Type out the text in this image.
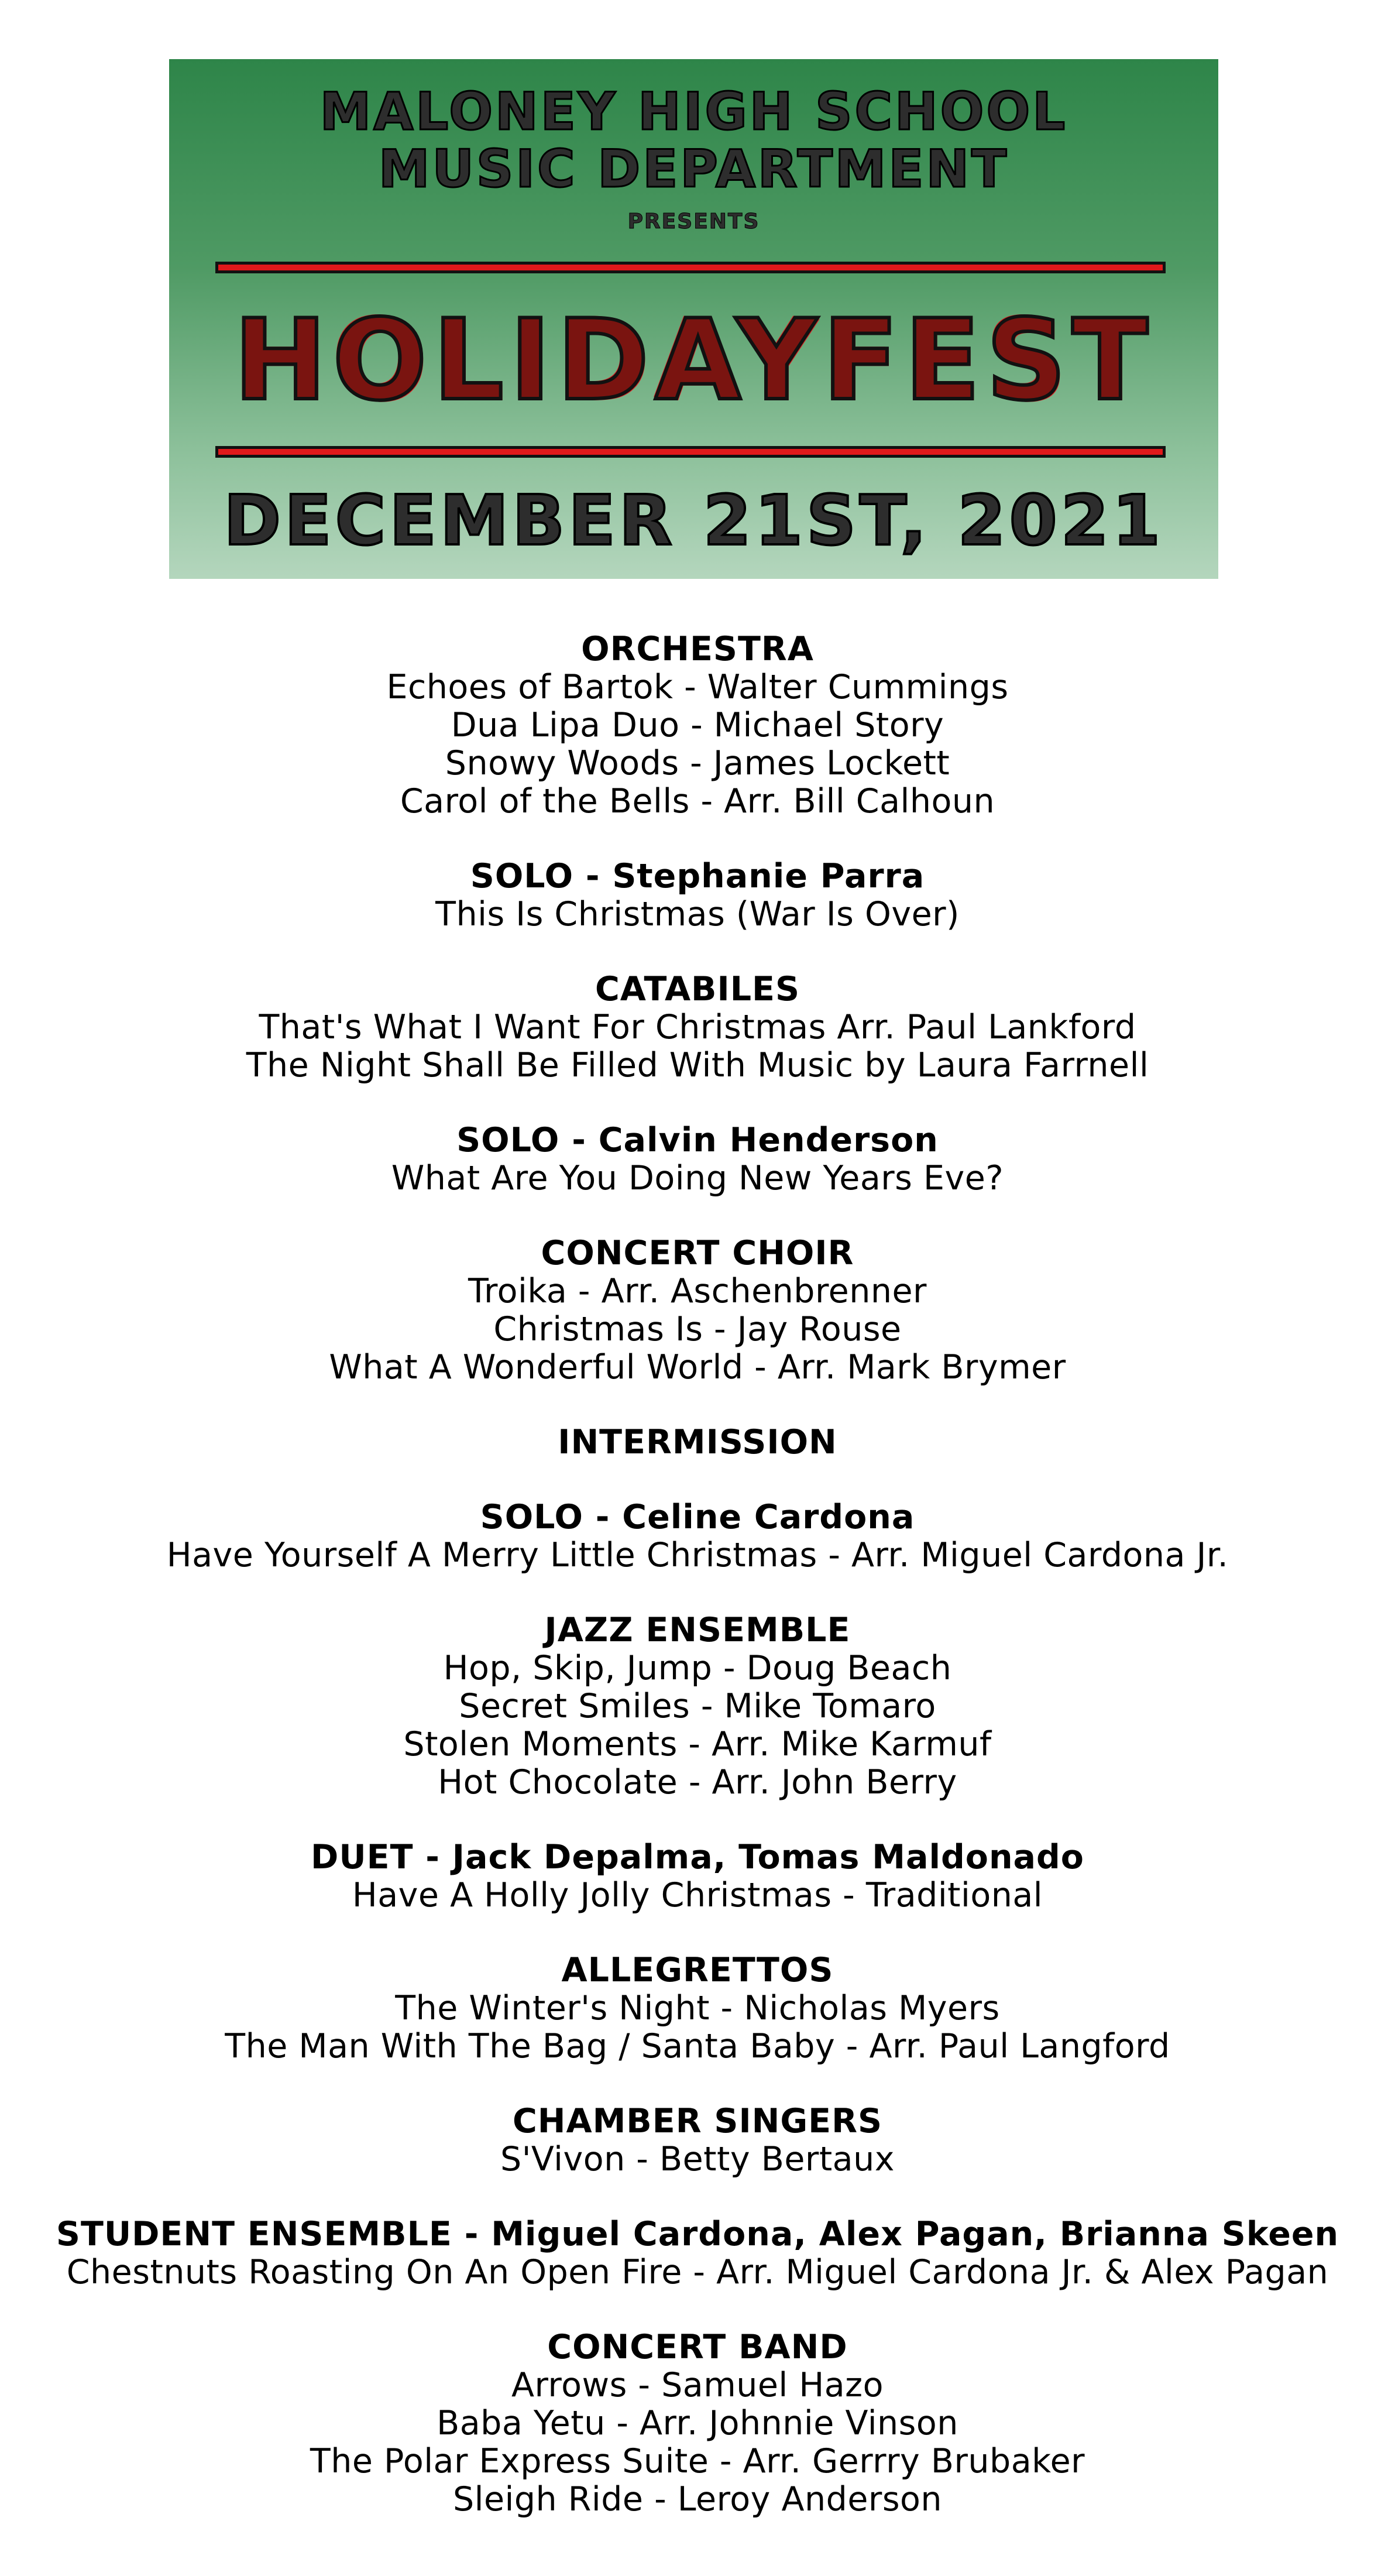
MALONEY HIGH SCHOOL
MUSIC DEPARTMENT
PRESENTS
HOLIDAYFEST
DECEMBER 21ST, 2021
ORCHESTRA
Echoes of Bartok - Walter Cummings
Dua Lipa Duo - Michael Story
Snowy Woods - James Lockett
Carol of the Bells - Arr. Bill Calhoun
SOLO - Stephanie Parra
This Is Christmas (War Is Over)
CATABILES
That's What I Want For Christmas Arr. Paul Lankford
The Night Shall Be Filled With Music by Laura Farrnell
SOLO - Calvin Henderson
What Are You Doing New Years Eve?
CONCERT CHOIR
Troika - Arr. Aschenbrenner
Christmas Is - Jay Rouse
What A Wonderful World - Arr. Mark Brymer
INTERMISSION
SOLO - Celine Cardona
Have Yourself A Merry Little Christmas - Arr. Miguel Cardona Jr.
JAZZ ENSEMBLE
Hop, Skip, Jump - Doug Beach
Secret Smiles - Mike Tomaro
Stolen Moments - Arr. Mike Karmuf
Hot Chocolate - Arr. John Berry
DUET - Jack Depalma, Tomas Maldonado
Have A Holly Jolly Christmas - Traditional
ALLEGRETTOS
The Winter's Night - Nicholas Myers
The Man With The Bag / Santa Baby - Arr. Paul Langford
CHAMBER SINGERS
S'Vivon - Betty Bertaux
STUDENT ENSEMBLE - Miguel Cardona, Alex Pagan, Brianna Skeen
Chestnuts Roasting On An Open Fire - Arr. Miguel Cardona Jr. & Alex Pagan
CONCERT BAND
Arrows - Samuel Hazo
Baba Yetu - Arr. Johnnie Vinson
The Polar Express Suite - Arr. Gerrry Brubaker
Sleigh Ride - Leroy Anderson
